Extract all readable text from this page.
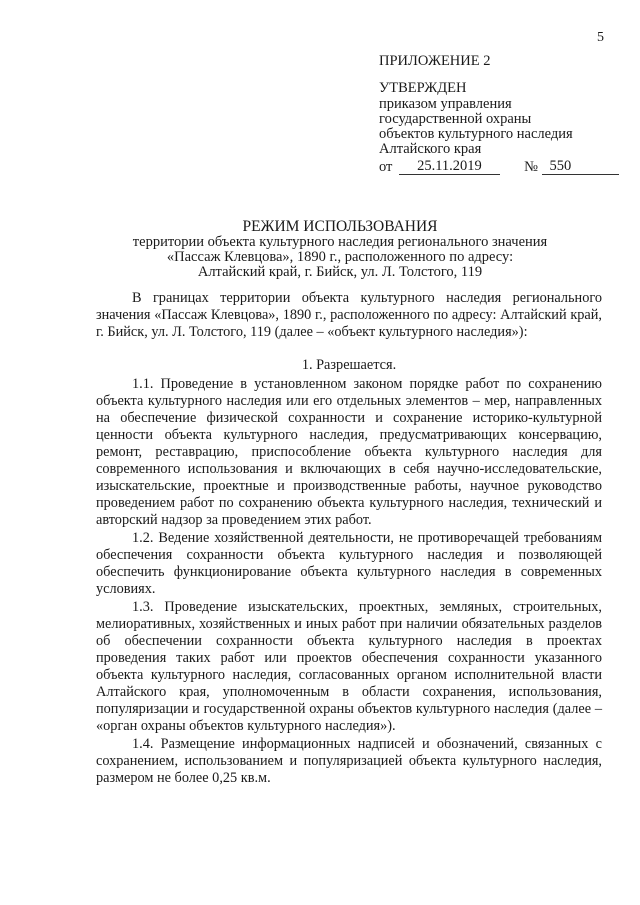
5
ПРИЛОЖЕНИЕ 2
УТВЕРЖДЕН
приказом управления
государственной охраны
объектов культурного наследия
Алтайского края
от	25.11.2019	№
550
РЕЖИМ ИСПОЛЬЗОВАНИЯ
территории объекта культурного наследия регионального значения
«Пассаж Клевцова», 1890 г., расположенного по адресу:
Алтайский край, г. Бийск, ул. Л. Толстого, 119

В границах территории объекта культурного наследия регионального значения «Пассаж Клевцова», 1890 г., расположенного по адресу: Алтайский край, г. Бийск, ул. Л. Толстого, 119 (далее – «объект культурного наследия»):

1. Разрешается.

1.1. Проведение в установленном законом порядке работ по сохранению объекта культурного наследия или его отдельных элементов – мер, направленных на обеспечение физической сохранности и сохранение историко-культурной ценности объекта культурного наследия, предусматривающих консервацию, ремонт, реставрацию, приспособление объекта культурного наследия для современного использования и включающих в себя научно-исследовательские, изыскательские, проектные и производственные работы, научное руководство проведением работ по сохранению объекта культурного наследия, технический и авторский надзор за проведением этих работ.

1.2. Ведение хозяйственной деятельности, не противоречащей требованиям обеспечения сохранности объекта культурного наследия и позволяющей обеспечить функционирование объекта культурного наследия в современных условиях.

1.3. Проведение изыскательских, проектных, земляных, строительных, мелиоративных, хозяйственных и иных работ при наличии обязательных разделов об обеспечении сохранности объекта культурного наследия в проектах проведения таких работ или проектов обеспечения сохранности указанного объекта культурного наследия, согласованных органом исполнительной власти Алтайского края, уполномоченным в области сохранения, использования, популяризации и государственной охраны объектов культурного наследия (далее – «орган охраны объектов культурного наследия»).

1.4. Размещение информационных надписей и обозначений, связанных с сохранением, использованием и популяризацией объекта культурного наследия, размером не более 0,25 кв.м.
